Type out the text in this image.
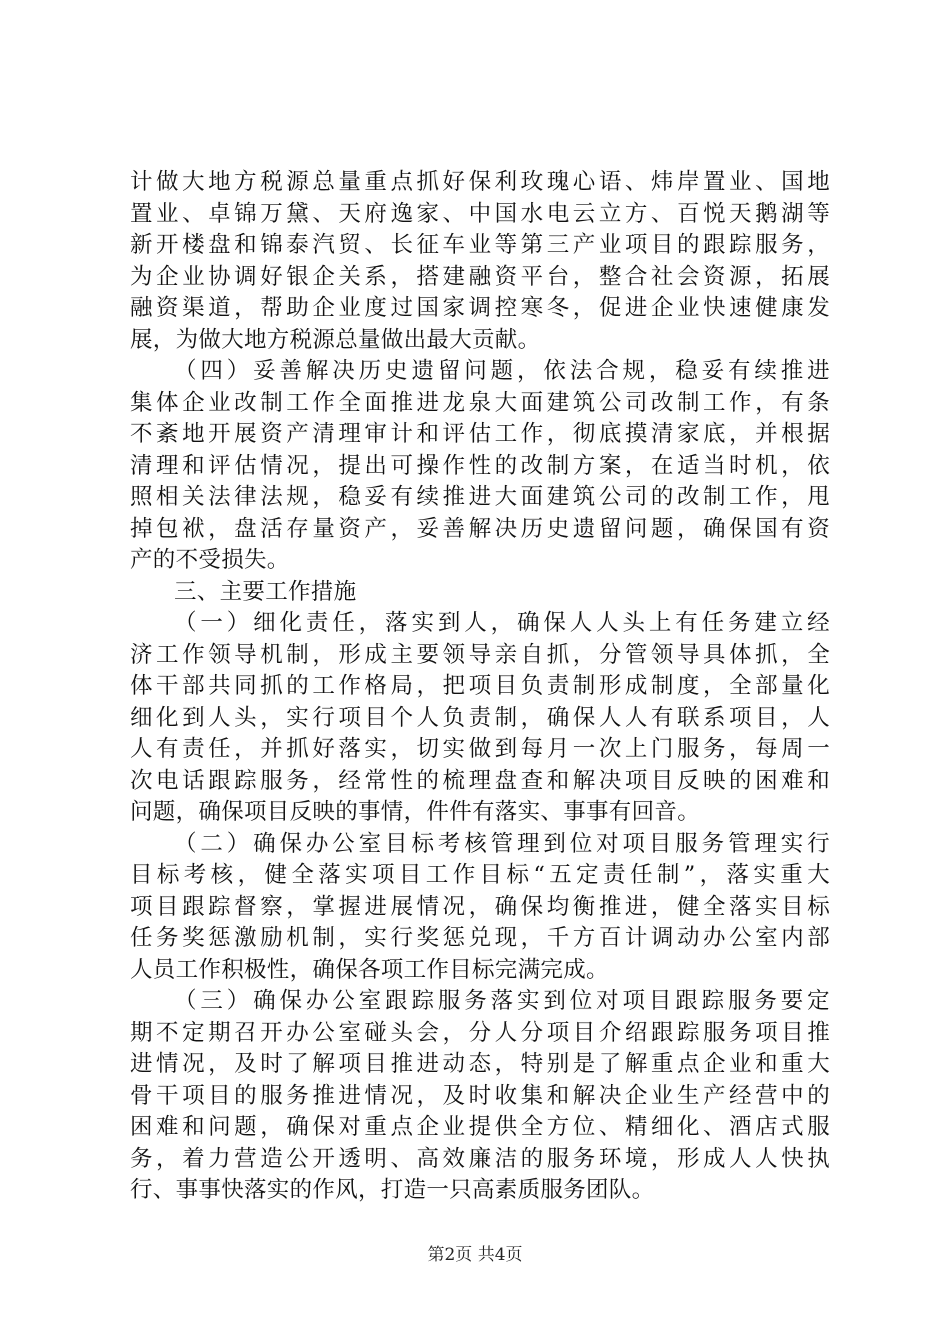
计做大地方税源总量重点抓好保利玫瑰心语、炜岸置业、国地
置业、卓锦万黛、天府逸家、中国水电云立方、百悦天鹅湖等
新开楼盘和锦泰汽贸、长征车业等第三产业项目的跟踪服务，
为企业协调好银企关系，搭建融资平台，整合社会资源，拓展
融资渠道，帮助企业度过国家调控寒冬，促进企业快速健康发
展，为做大地方税源总量做出最大贡献。
（四）妥善解决历史遗留问题，依法合规，稳妥有续推进
集体企业改制工作全面推进龙泉大面建筑公司改制工作，有条
不紊地开展资产清理审计和评估工作，彻底摸清家底，并根据
清理和评估情况，提出可操作性的改制方案，在适当时机，依
照相关法律法规，稳妥有续推进大面建筑公司的改制工作，甩
掉包袱，盘活存量资产，妥善解决历史遗留问题，确保国有资
产的不受损失。
三、主要工作措施
（一）细化责任，落实到人，确保人人头上有任务建立经
济工作领导机制，形成主要领导亲自抓，分管领导具体抓，全
体干部共同抓的工作格局，把项目负责制形成制度，全部量化
细化到人头，实行项目个人负责制，确保人人有联系项目，人
人有责任，并抓好落实，切实做到每月一次上门服务，每周一
次电话跟踪服务，经常性的梳理盘查和解决项目反映的困难和
问题，确保项目反映的事情，件件有落实、事事有回音。
（二）确保办公室目标考核管理到位对项目服务管理实行
目标考核，健全落实项目工作目标“五定责任制”，落实重大
项目跟踪督察，掌握进展情况，确保均衡推进，健全落实目标
任务奖惩激励机制，实行奖惩兑现，千方百计调动办公室内部
人员工作积极性，确保各项工作目标完满完成。
（三）确保办公室跟踪服务落实到位对项目跟踪服务要定
期不定期召开办公室碰头会，分人分项目介绍跟踪服务项目推
进情况，及时了解项目推进动态，特别是了解重点企业和重大
骨干项目的服务推进情况，及时收集和解决企业生产经营中的
困难和问题，确保对重点企业提供全方位、精细化、酒店式服
务，着力营造公开透明、高效廉洁的服务环境，形成人人快执
行、事事快落实的作风，打造一只高素质服务团队。
第2页 共4页
